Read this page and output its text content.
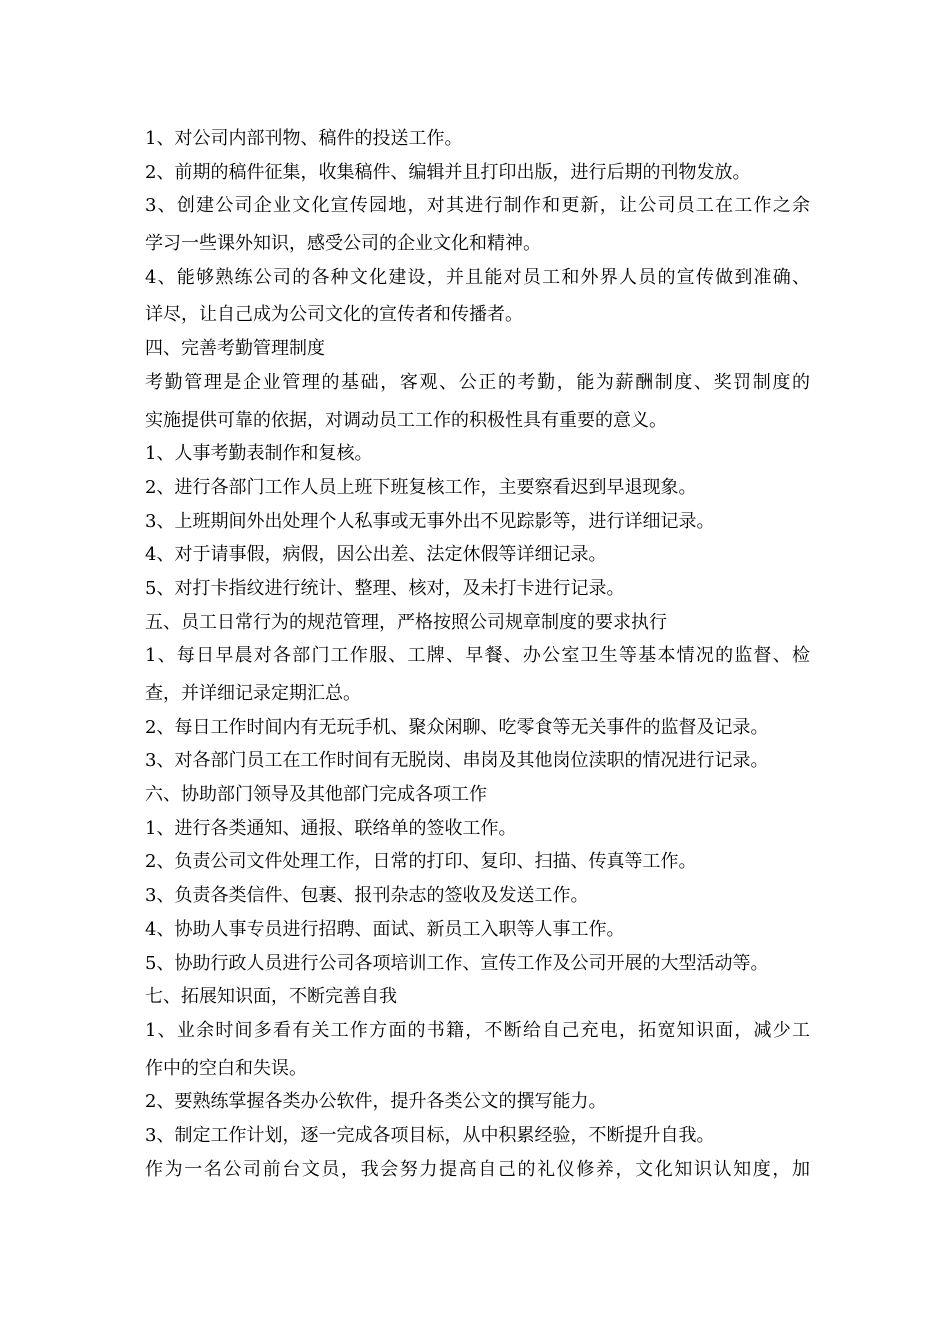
1、对公司内部刊物、稿件的投送工作。
2、前期的稿件征集，收集稿件、编辑并且打印出版，进行后期的刊物发放。
3、创建公司企业文化宣传园地，对其进行制作和更新，让公司员工在工作之余
学习一些课外知识，感受公司的企业文化和精神。
4、能够熟练公司的各种文化建设，并且能对员工和外界人员的宣传做到准确、
详尽，让自己成为公司文化的宣传者和传播者。
四、完善考勤管理制度
考勤管理是企业管理的基础，客观、公正的考勤，能为薪酬制度、奖罚制度的
实施提供可靠的依据，对调动员工工作的积极性具有重要的意义。
1、人事考勤表制作和复核。
2、进行各部门工作人员上班下班复核工作，主要察看迟到早退现象。
3、上班期间外出处理个人私事或无事外出不见踪影等，进行详细记录。
4、对于请事假，病假，因公出差、法定休假等详细记录。
5、对打卡指纹进行统计、整理、核对，及未打卡进行记录。
五、员工日常行为的规范管理，严格按照公司规章制度的要求执行
1、每日早晨对各部门工作服、工牌、早餐、办公室卫生等基本情况的监督、检
查，并详细记录定期汇总。
2、每日工作时间内有无玩手机、聚众闲聊、吃零食等无关事件的监督及记录。
3、对各部门员工在工作时间有无脱岗、串岗及其他岗位渎职的情况进行记录。
六、协助部门领导及其他部门完成各项工作
1、进行各类通知、通报、联络单的签收工作。
2、负责公司文件处理工作，日常的打印、复印、扫描、传真等工作。
3、负责各类信件、包裹、报刊杂志的签收及发送工作。
4、协助人事专员进行招聘、面试、新员工入职等人事工作。
5、协助行政人员进行公司各项培训工作、宣传工作及公司开展的大型活动等。
七、拓展知识面，不断完善自我
1、业余时间多看有关工作方面的书籍，不断给自己充电，拓宽知识面，减少工
作中的空白和失误。
2、要熟练掌握各类办公软件，提升各类公文的撰写能力。
3、制定工作计划，逐一完成各项目标，从中积累经验，不断提升自我。
作为一名公司前台文员，我会努力提高自己的礼仪修养，文化知识认知度，加
